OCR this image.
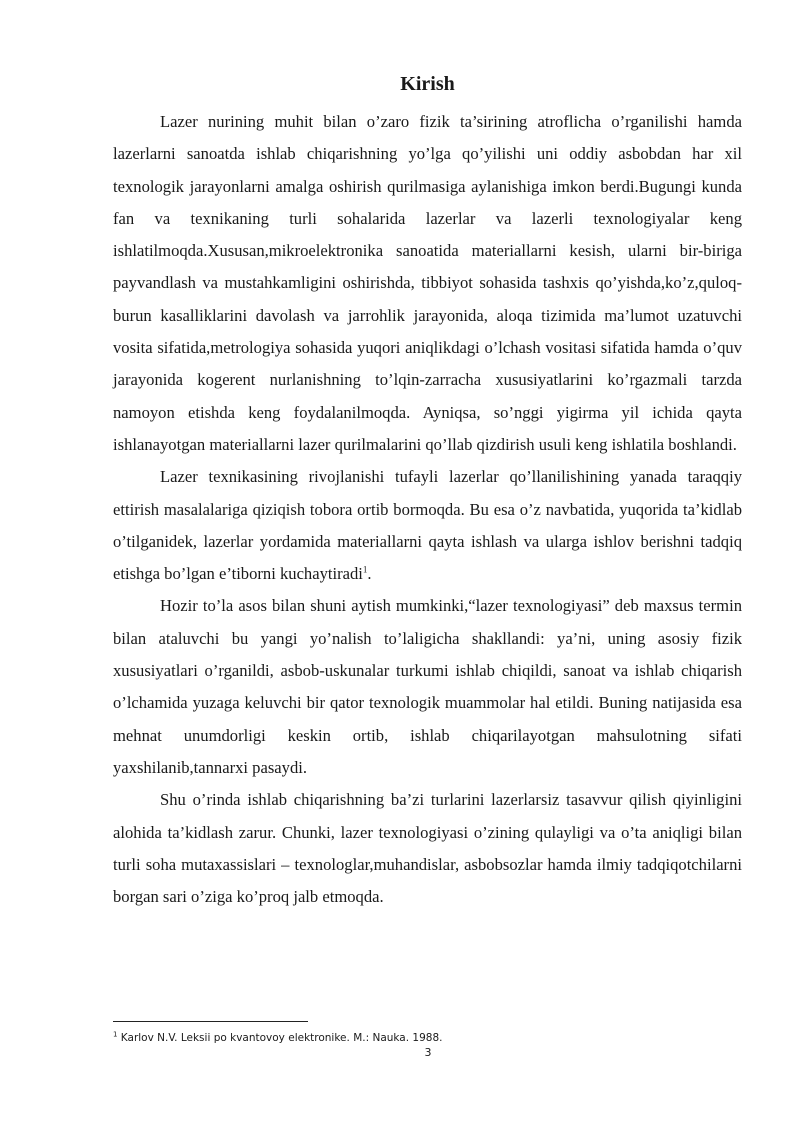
Kirish

Lazer nurining muhit bilan o’zaro fizik ta’sirining atroflicha o’rganilishi hamda lazerlarni sanoatda ishlab chiqarishning yo’lga qo’yilishi uni oddiy asbobdan har xil texnologik jarayonlarni amalga oshirish qurilmasiga aylanishiga imkon berdi.Bugungi kunda fan va texnikaning turli sohalarida lazerlar va lazerli texnologiyalar keng ishlatilmoqda.Xususan,mikroelektronika sanoatida materiallarni kesish, ularni bir-biriga payvandlash va mustahkamligini oshirishda, tibbiyot sohasida tashxis qo’yishda,ko’z,quloq-burun kasalliklarini davolash va jarrohlik jarayonida, aloqa tizimida ma’lumot uzatuvchi vosita sifatida,metrologiya sohasida yuqori aniqlikdagi o’lchash vositasi sifatida hamda o’quv jarayonida kogerent nurlanishning to’lqin-zarracha xususiyatlarini ko’rgazmali tarzda namoyon etishda keng foydalanilmoqda. Ayniqsa, so’nggi yigirma yil ichida qayta ishlanayotgan materiallarni lazer qurilmalarini qo’llab qizdirish usuli keng ishlatila boshlandi.

Lazer texnikasining rivojlanishi tufayli lazerlar qo’llanilishining yanada taraqqiy ettirish masalalariga qiziqish tobora ortib bormoqda. Bu esa o’z navbatida, yuqorida ta’kidlab o’tilganidek, lazerlar yordamida materiallarni qayta ishlash va ularga ishlov berishni tadqiq etishga bo’lgan e’tiborni kuchaytiradi$^1$.

Hozir to’la asos bilan shuni aytish mumkinki,“lazer texnologiyasi” deb maxsus termin bilan ataluvchi bu yangi yo’nalish to’laligicha shakllandi: ya’ni, uning asosiy fizik xususiyatlari o’rganildi, asbob-uskunalar turkumi ishlab chiqildi, sanoat va ishlab chiqarish o’lchamida yuzaga keluvchi bir qator texnologik muammolar hal etildi. Buning natijasida esa mehnat unumdorligi keskin ortib, ishlab chiqarilayotgan mahsulotning sifati yaxshilanib,tannarxi pasaydi.

Shu o’rinda ishlab chiqarishning ba’zi turlarini lazerlarsiz tasavvur qilish qiyinligini alohida ta’kidlash zarur. Chunki, lazer texnologiyasi o’zining qulayligi va o’ta aniqligi bilan turli soha mutaxassislari – texnologlar,muhandislar, asbobsozlar hamda ilmiy tadqiqotchilarni borgan sari o’ziga ko’proq jalb etmoqda.

$^1$ Karlov N.V. Leksii po kvantovoy elektronike. M.: Nauka. 1988.
3
